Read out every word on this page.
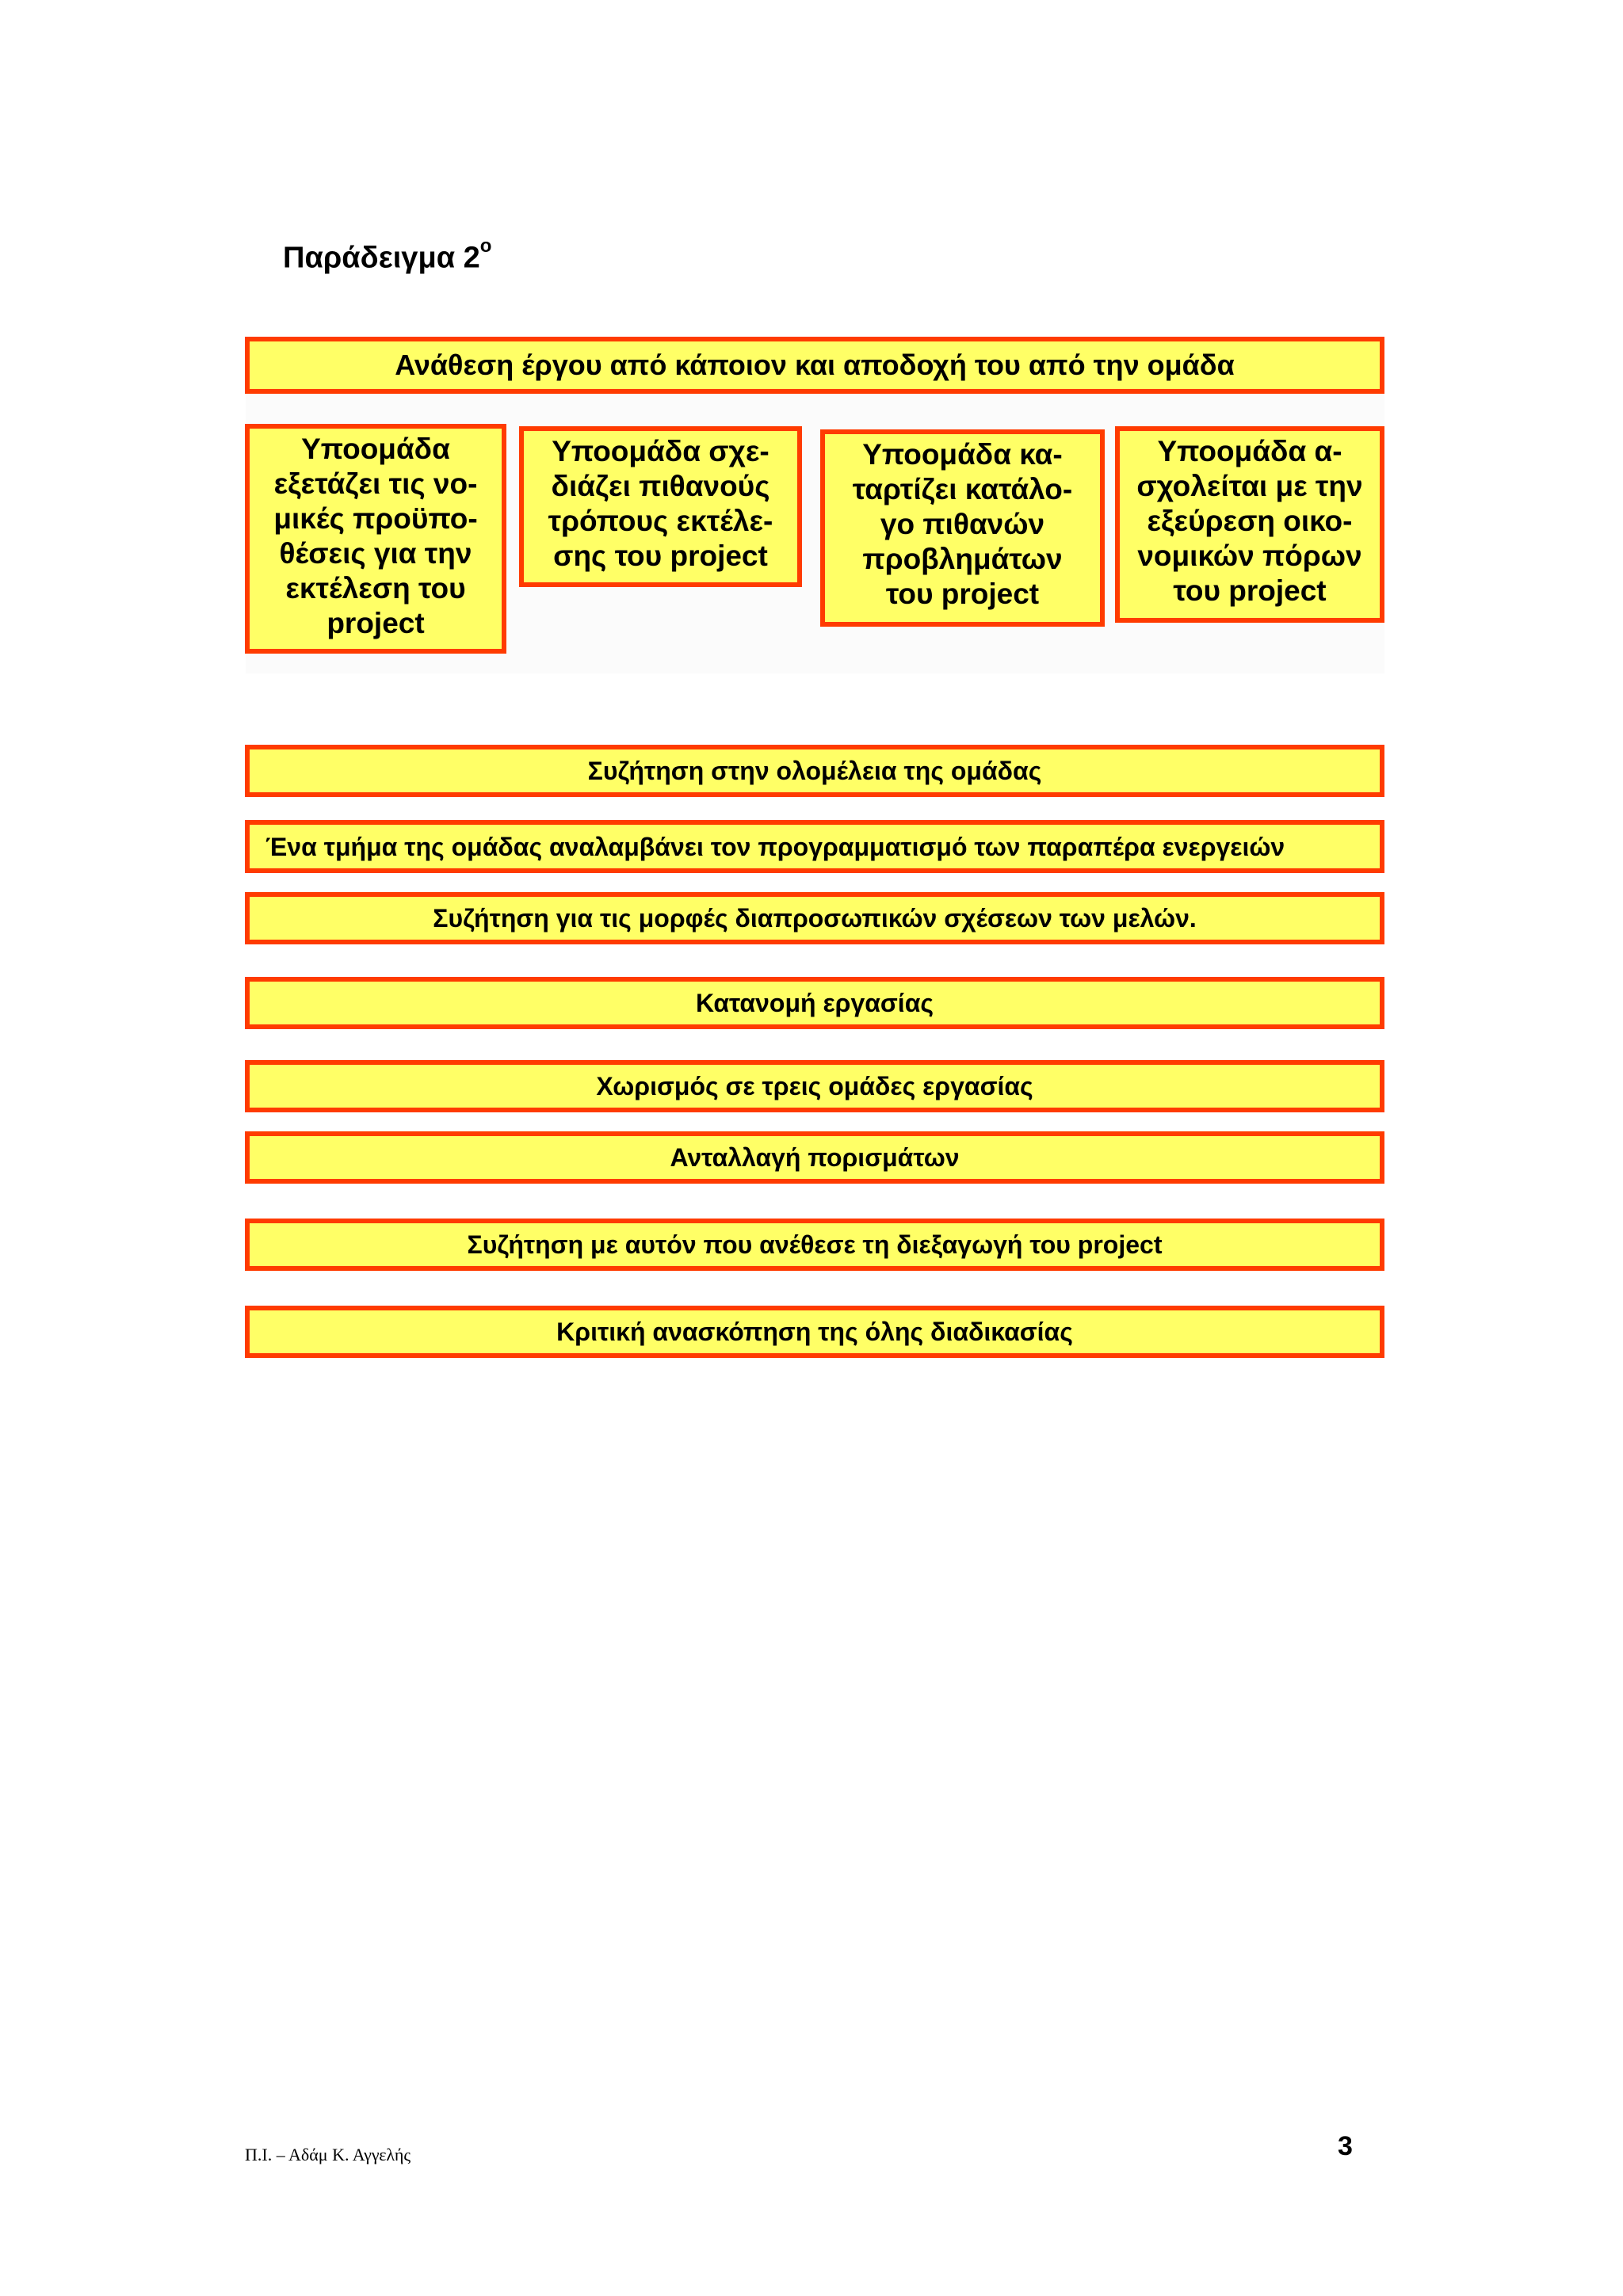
Παράδειγμα $2^o$
Ανάθεση έργου από κάποιον και αποδοχή του από την ομάδα
Υποομάδα
εξετάζει τις νο-
μικές προϋπο-
θέσεις για την
εκτέλεση του
project
Υποομάδα σχε-
διάζει πιθανούς
τρόπους εκτέλε-
σης του project
Υποομάδα κα-
ταρτίζει κατάλο-
γο πιθανών
προβλημάτων
του project
Υποομάδα α-
σχολείται με την
εξεύρεση οικο-
νομικών πόρων
του project
Συζήτηση στην ολομέλεια της ομάδας
Ένα τμήμα της ομάδας αναλαμβάνει τον προγραμματισμό των παραπέρα ενεργειών
Συζήτηση για τις μορφές διαπροσωπικών σχέσεων των μελών.
Κατανομή εργασίας
Χωρισμός σε τρεις ομάδες εργασίας
Ανταλλαγή πορισμάτων
Συζήτηση με αυτόν που ανέθεσε τη διεξαγωγή του project
Κριτική ανασκόπηση της όλης διαδικασίας
Π.Ι. – Αδάμ Κ. Αγγελής	3
